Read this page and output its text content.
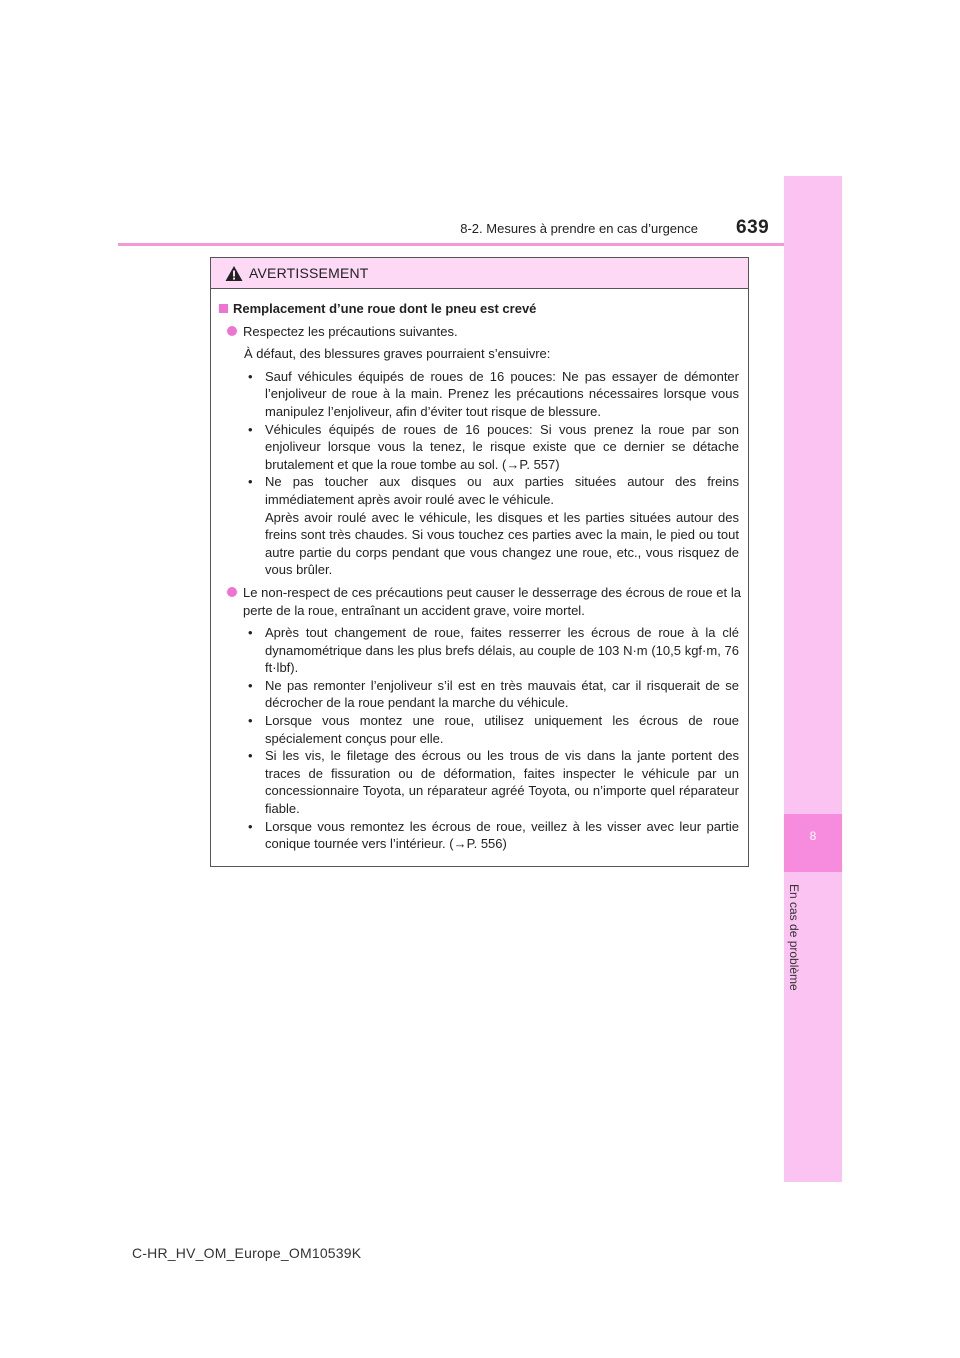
8-2. Mesures à prendre en cas d’urgence 639
8
En cas de problème
AVERTISSEMENT
Remplacement d’une roue dont le pneu est crevé
Respectez les précautions suivantes.
À défaut, des blessures graves pourraient s’ensuivre:
• Sauf véhicules équipés de roues de 16 pouces: Ne pas essayer de démonter l’enjoliveur de roue à la main. Prenez les précautions nécessaires lorsque vous manipulez l’enjoliveur, afin d’éviter tout risque de blessure.
• Véhicules équipés de roues de 16 pouces: Si vous prenez la roue par son enjoliveur lorsque vous la tenez, le risque existe que ce dernier se détache brutalement et que la roue tombe au sol. (→P. 557)
• Ne pas toucher aux disques ou aux parties situées autour des freins immédiatement après avoir roulé avec le véhicule.
Après avoir roulé avec le véhicule, les disques et les parties situées autour des freins sont très chaudes. Si vous touchez ces parties avec la main, le pied ou tout autre partie du corps pendant que vous changez une roue, etc., vous risquez de vous brûler.
Le non-respect de ces précautions peut causer le desserrage des écrous de roue et la perte de la roue, entraînant un accident grave, voire mortel.
• Après tout changement de roue, faites resserrer les écrous de roue à la clé dynamométrique dans les plus brefs délais, au couple de 103 N·m (10,5 kgf·m, 76 ft·lbf).
• Ne pas remonter l’enjoliveur s’il est en très mauvais état, car il risquerait de se décrocher de la roue pendant la marche du véhicule.
• Lorsque vous montez une roue, utilisez uniquement les écrous de roue spécialement conçus pour elle.
• Si les vis, le filetage des écrous ou les trous de vis dans la jante portent des traces de fissuration ou de déformation, faites inspecter le véhicule par un concessionnaire Toyota, un réparateur agréé Toyota, ou n’importe quel réparateur fiable.
• Lorsque vous remontez les écrous de roue, veillez à les visser avec leur partie conique tournée vers l’intérieur. (→P. 556)
C-HR_HV_OM_Europe_OM10539K
